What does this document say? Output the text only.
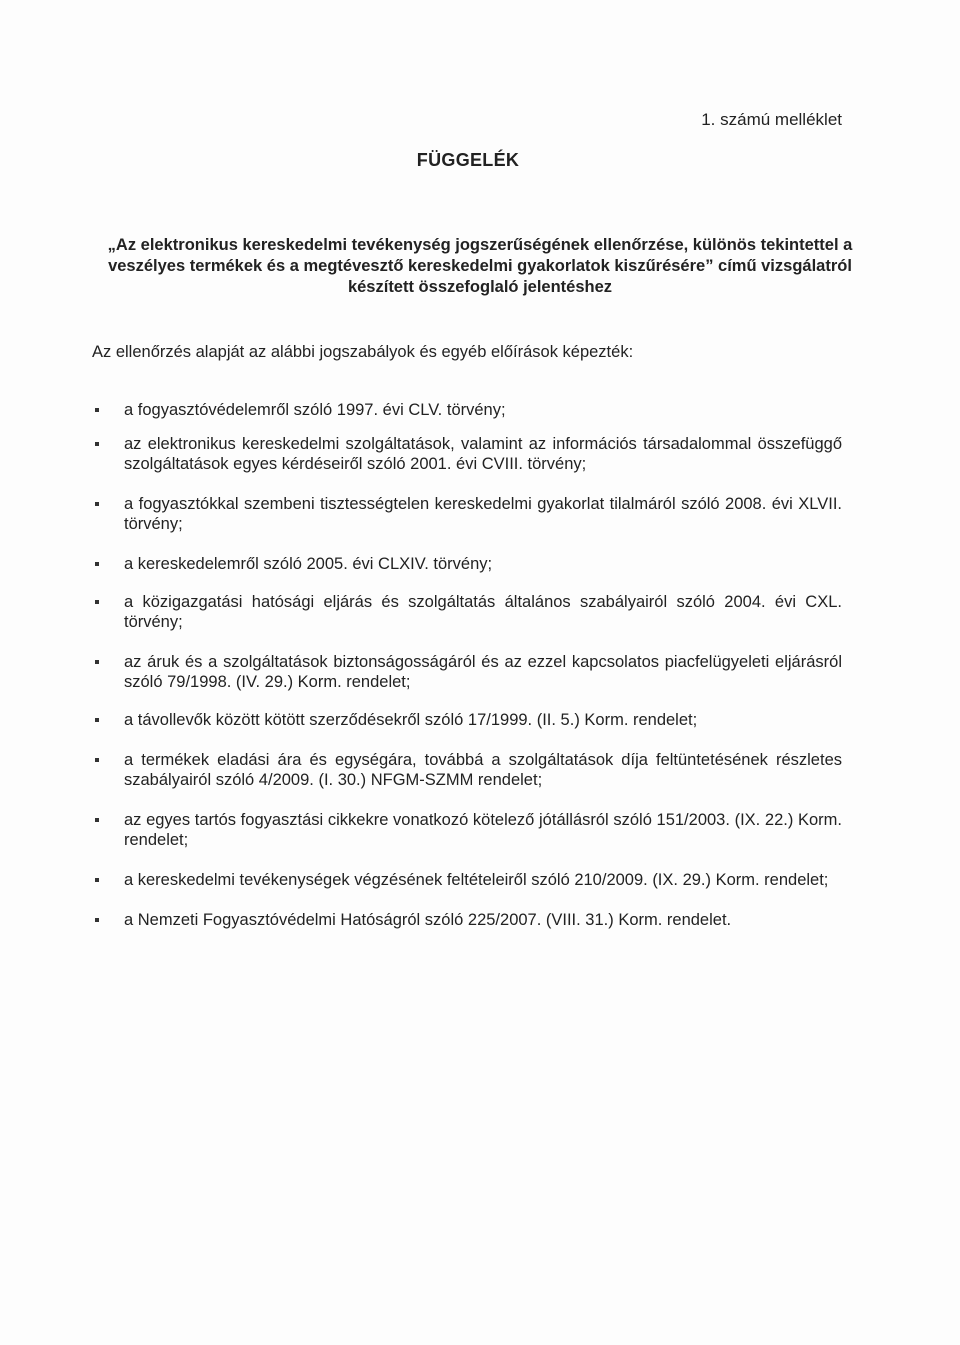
1. számú melléklet
FÜGGELÉK
„Az elektronikus kereskedelmi tevékenység jogszerűségének ellenőrzése, különös tekintettel a veszélyes termékek és a megtévesztő kereskedelmi gyakorlatok kiszűrésére” című vizsgálatról készített összefoglaló jelentéshez
Az ellenőrzés alapját az alábbi jogszabályok és egyéb előírások képezték:
a fogyasztóvédelemről szóló 1997. évi CLV. törvény;
az elektronikus kereskedelmi szolgáltatások, valamint az információs társadalommal összefüggő szolgáltatások egyes kérdéseiről szóló 2001. évi CVIII. törvény;
a fogyasztókkal szembeni tisztességtelen kereskedelmi gyakorlat tilalmáról szóló 2008. évi XLVII. törvény;
a kereskedelemről szóló 2005. évi CLXIV. törvény;
a közigazgatási hatósági eljárás és szolgáltatás általános szabályairól szóló 2004. évi CXL. törvény;
az áruk és a szolgáltatások biztonságosságáról és az ezzel kapcsolatos piacfelügyeleti eljárásról szóló 79/1998. (IV. 29.) Korm. rendelet;
a távollevők között kötött szerződésekről szóló 17/1999. (II. 5.) Korm. rendelet;
a termékek eladási ára és egységára, továbbá a szolgáltatások díja feltüntetésének részletes szabályairól szóló 4/2009. (I. 30.) NFGM-SZMM rendelet;
az egyes tartós fogyasztási cikkekre vonatkozó kötelező jótállásról szóló 151/2003. (IX. 22.) Korm. rendelet;
a kereskedelmi tevékenységek végzésének feltételeiről szóló 210/2009. (IX. 29.) Korm. rendelet;
a Nemzeti Fogyasztóvédelmi Hatóságról szóló 225/2007. (VIII. 31.) Korm. rendelet.
